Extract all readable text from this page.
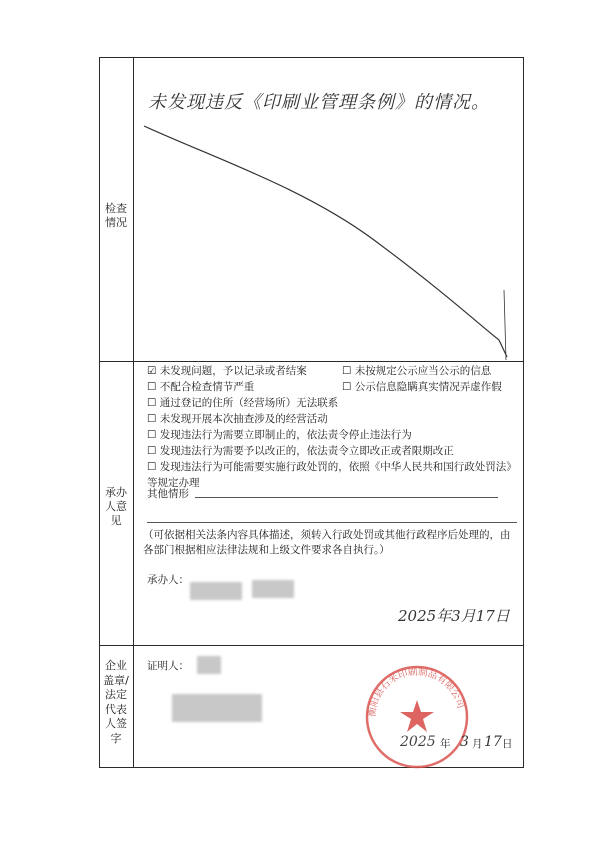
检查
情况
承办
人意
见
企业
盖章/
法定
代表
人签
字
未发现违反《印刷业管理条例》的情况。
☑ 未发现问题，予以记录或者结案
☐ 不配合检查情节严重
☐ 通过登记的住所（经营场所）无法联系
☐ 未发现开展本次抽查涉及的经营活动
☐ 发现违法行为需要立即制止的，依法责令停止违法行为
☐ 发现违法行为需要予以改正的，依法责令立即改正或者限期改正
☐ 发现违法行为可能需要实施行政处罚的，依照《中华人民共和国行政处罚法》
等规定办理
☐ 未按规定公示应当公示的信息
☐ 公示信息隐瞒真实情况弄虚作假
其他情形
（可依据相关法条内容具体描述，须转入行政处罚或其他行政程序后处理的，由各部门根据相应法律法规和上级文件要求各自执行。）
承办人：
2025年3月17日
证明人：
衡阳县石米印刷制品有限公司
2025 年 3 月 17 日
